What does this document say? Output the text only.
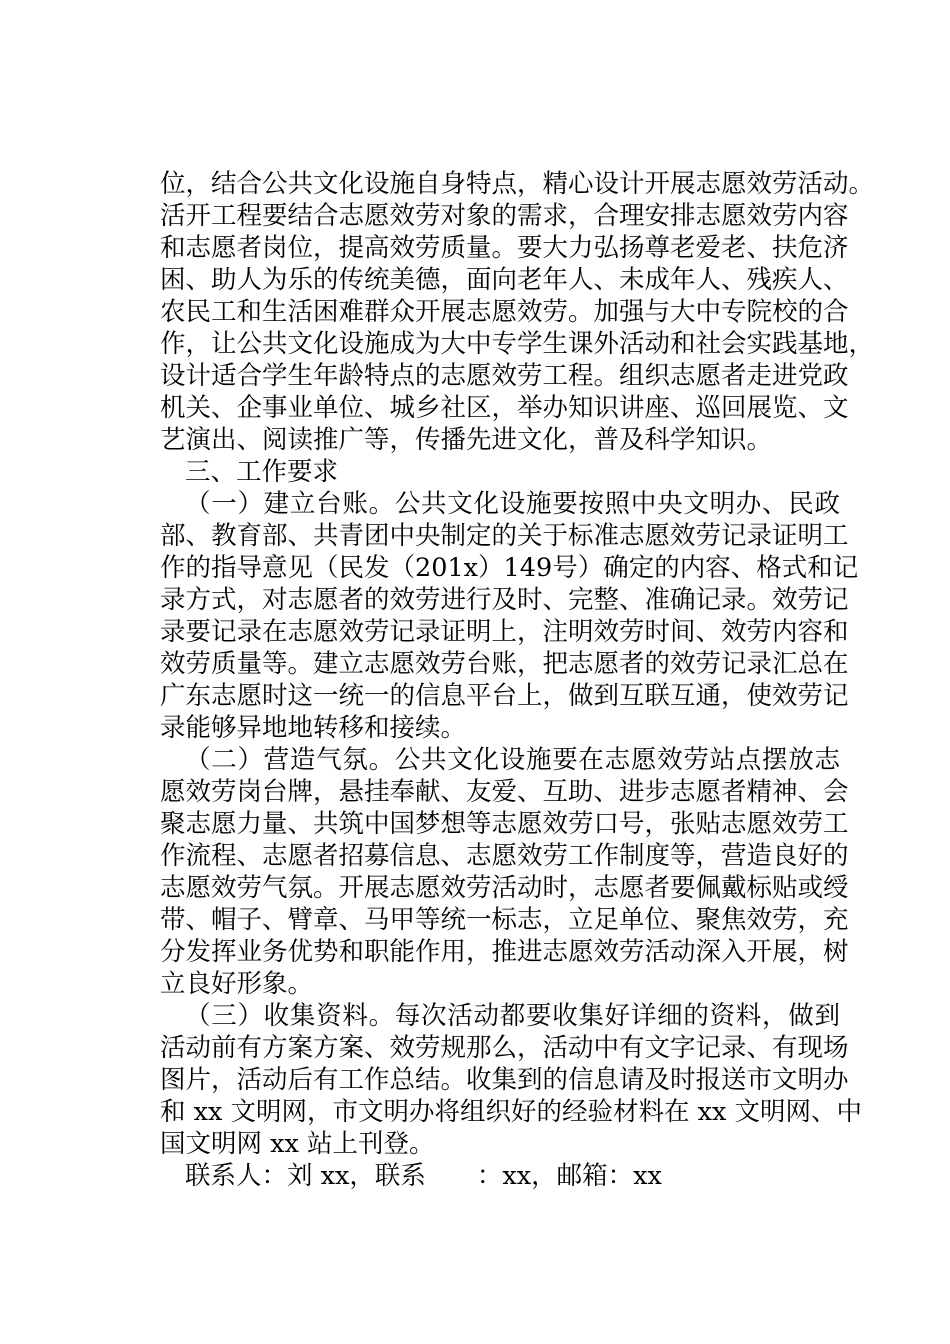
位，结合公共文化设施自身特点，精心设计开展志愿效劳活动。
活开工程要结合志愿效劳对象的需求，合理安排志愿效劳内容
和志愿者岗位，提高效劳质量。要大力弘扬尊老爱老、扶危济
困、助人为乐的传统美德，面向老年人、未成年人、残疾人、
农民工和生活困难群众开展志愿效劳。加强与大中专院校的合
作，让公共文化设施成为大中专学生课外活动和社会实践基地，
设计适合学生年龄特点的志愿效劳工程。组织志愿者走进党政
机关、企事业单位、城乡社区，举办知识讲座、巡回展览、文
艺演出、阅读推广等，传播先进文化，普及科学知识。
三、工作要求
（一）建立台账。公共文化设施要按照中央文明办、民政
部、教育部、共青团中央制定的关于标准志愿效劳记录证明工
作的指导意见（民发（201x）149号）确定的内容、格式和记
录方式，对志愿者的效劳进行及时、完整、准确记录。效劳记
录要记录在志愿效劳记录证明上，注明效劳时间、效劳内容和
效劳质量等。建立志愿效劳台账，把志愿者的效劳记录汇总在
广东志愿时这一统一的信息平台上，做到互联互通，使效劳记
录能够异地地转移和接续。
（二）营造气氛。公共文化设施要在志愿效劳站点摆放志
愿效劳岗台牌，悬挂奉献、友爱、互助、进步志愿者精神、会
聚志愿力量、共筑中国梦想等志愿效劳口号，张贴志愿效劳工
作流程、志愿者招募信息、志愿效劳工作制度等，营造良好的
志愿效劳气氛。开展志愿效劳活动时，志愿者要佩戴标贴或绶
带、帽子、臂章、马甲等统一标志，立足单位、聚焦效劳，充
分发挥业务优势和职能作用，推进志愿效劳活动深入开展，树
立良好形象。
（三）收集资料。每次活动都要收集好详细的资料，做到
活动前有方案方案、效劳规那么，活动中有文字记录、有现场
图片，活动后有工作总结。收集到的信息请及时报送市文明办
和 xx 文明网，市文明办将组织好的经验材料在 xx 文明网、中
国文明网 xx 站上刊登。
联系人：刘 xx，联系　　：xx，邮箱：xx
